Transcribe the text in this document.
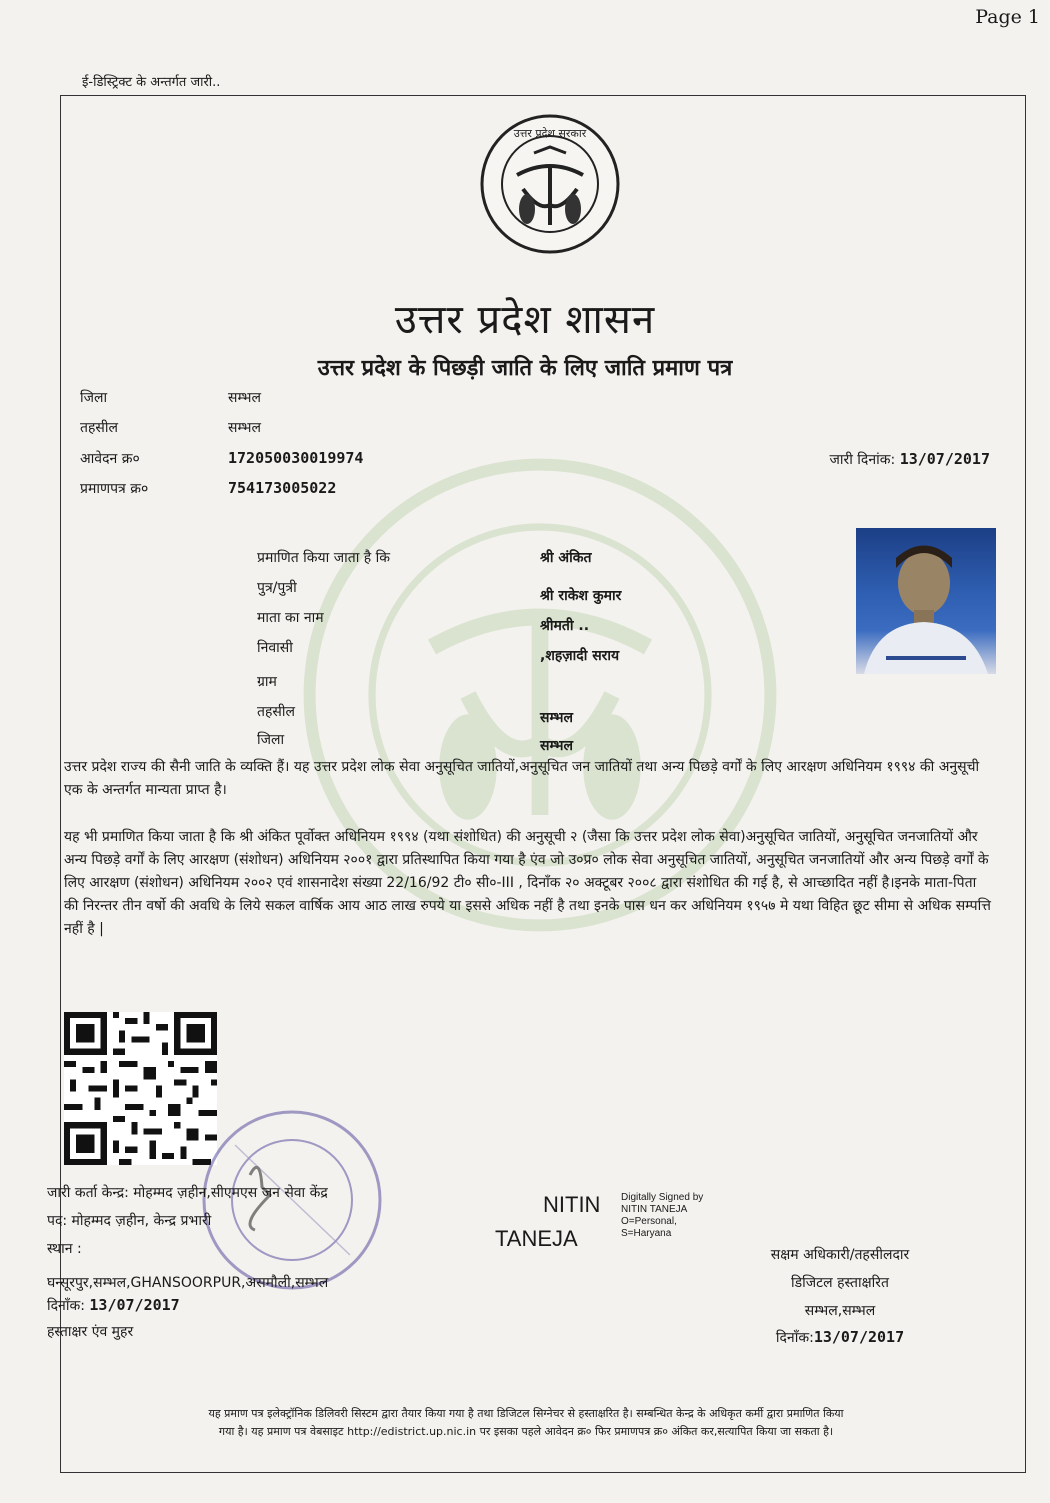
Page 1
ई-डिस्ट्रिक्ट के अन्तर्गत जारी..
उत्तर प्रदेश सरकार
उत्तर प्रदेश शासन
उत्तर प्रदेश के पिछड़ी जाति के लिए जाति प्रमाण पत्र
जिला	सम्भल
तहसील	सम्भल
आवेदन क्र०	172050030019974
प्रमाणपत्र क्र०	754173005022
जारी दिनांक: 13/07/2017
प्रमाणित किया जाता है कि	श्री अंकित
पुत्र/पुत्री	श्री राकेश कुमार
माता का नाम	श्रीमती ..
निवासी	,शहज़ादी सराय
ग्राम
तहसील	सम्भल
जिला	सम्भल
उत्तर प्रदेश राज्य की सैनी जाति के व्यक्ति हैं। यह उत्तर प्रदेश लोक सेवा अनुसूचित जातियों,अनुसूचित जन जातियों तथा अन्य पिछड़े वर्गों के लिए आरक्षण अधिनियम १९९४ की अनुसूची एक के अन्तर्गत मान्यता प्राप्त है।
यह भी प्रमाणित किया जाता है कि श्री अंकित पूर्वोक्त अधिनियम १९९४ (यथा संशोधित) की अनुसूची २ (जैसा कि उत्तर प्रदेश लोक सेवा)अनुसूचित जातियों, अनुसूचित जनजातियों और अन्य पिछड़े वर्गों के लिए आरक्षण (संशोधन) अधिनियम २००१ द्वारा प्रतिस्थापित किया गया है एंव जो उ०प्र० लोक सेवा अनुसूचित जातियों, अनुसूचित जनजातियों और अन्य पिछड़े वर्गों के लिए आरक्षण (संशोधन) अधिनियम २००२ एवं शासनादेश संख्या 22/16/92 टी० सी०-III , दिनाँक २० अक्टूबर २००८ द्वारा संशोधित की गई है, से आच्छादित नहीं है।इनके माता-पिता की निरन्तर तीन वर्षो की अवधि के लिये सकल वार्षिक आय आठ लाख रुपये या इससे अधिक नहीं है तथा इनके पास धन कर अधिनियम १९५७ मे यथा विहित छूट सीमा से अधिक सम्पत्ति नहीं है |
जारी कर्ता केन्द्र: मोहम्मद ज़हीन,सीएमएस जन सेवा केंद्र
पद: मोहम्मद ज़हीन, केन्द्र प्रभारी
स्थान :
घन्सूरपुर,सम्भल,GHANSOORPUR,असमौली,सम्भल
दिनाँक: 13/07/2017
हस्ताक्षर एंव मुहर
NITIN
TANEJA
Digitally Signed by
NITIN TANEJA
O=Personal,
S=Haryana
सक्षम अधिकारी/तहसीलदार
डिजिटल हस्ताक्षरित
सम्भल,सम्भल
दिनाँक:13/07/2017
यह प्रमाण पत्र इलेक्ट्रॉनिक डिलिवरी सिस्टम द्वारा तैयार किया गया है तथा डिजिटल सिग्नेचर से हस्ताक्षरित है। सम्बन्धित केन्द्र के अधिकृत कर्मी द्वारा प्रमाणित किया
गया है। यह प्रमाण पत्र वेबसाइट http://edistrict.up.nic.in पर इसका पहले आवेदन क्र० फिर प्रमाणपत्र क्र० अंकित कर,सत्यापित किया जा सकता है।
